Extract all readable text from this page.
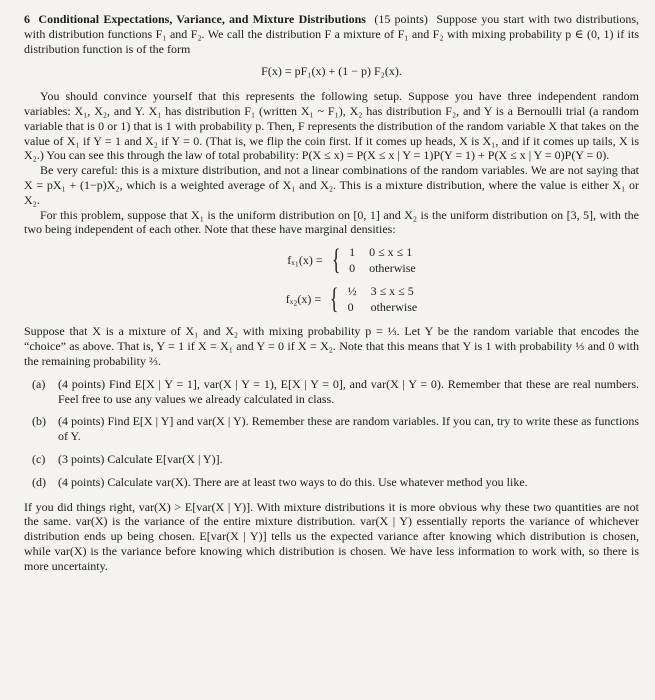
6 Conditional Expectations, Variance, and Mixture Distributions (15 points) Suppose you start with two distributions, with distribution functions F₁ and F₂. We call the distribution F a mixture of F₁ and F₂ with mixing probability p ∈ (0, 1) if its distribution function is of the form

F(x) = pF₁(x) + (1 − p) F₂(x).

You should convince yourself that this represents the following setup. Suppose you have three independent random variables: X₁, X₂, and Y. X₁ has distribution F₁ (written X₁ ~ F₁), X₂ has distribution F₂, and Y is a Bernoulli trial (a random variable that is 0 or 1) that is 1 with probability p. Then, F represents the distribution of the random variable X that takes on the value of X₁ if Y = 1 and X₂ if Y = 0. (That is, we flip the coin first. If it comes up heads, X is X₁, and if it comes up tails, X is X₂.) You can see this through the law of total probability: P(X ≤ x) = P(X ≤ x | Y = 1)P(Y = 1) + P(X ≤ x | Y = 0)P(Y = 0).

Be very careful: this is a mixture distribution, and not a linear combinations of the random variables. We are not saying that X = pX₁ + (1−p)X₂, which is a weighted average of X₁ and X₂. This is a mixture distribution, where the value is either X₁ or X₂.

For this problem, suppose that X₁ is the uniform distribution on [0, 1] and X₂ is the uniform distribution on [3, 5], with the two being independent of each other. Note that these have marginal densities:

fₓ₁(x) = { 1 0 ≤ x ≤ 1
0 otherwise
fₓ₂(x) = { ½ 3 ≤ x ≤ 5
0 otherwise

Suppose that X is a mixture of X₁ and X₂ with mixing probability p = ⅓. Let Y be the random variable that encodes the “choice” as above. That is, Y = 1 if X = X₁ and Y = 0 if X = X₂. Note that this means that Y is 1 with probability ⅓ and 0 with the remaining probability ⅔.

(a)	(4 points) Find E[X | Y = 1], var(X | Y = 1), E[X | Y = 0], and var(X | Y = 0). Remember that these are real numbers. Feel free to use any values we already calculated in class.
(b)	(4 points) Find E[X | Y] and var(X | Y). Remember these are random variables. If you can, try to write these as functions of Y.
(c)	(3 points) Calculate E[var(X | Y)].
(d)	(4 points) Calculate var(X). There are at least two ways to do this. Use whatever method you like.

If you did things right, var(X) > E[var(X | Y)]. With mixture distributions it is more obvious why these two quantities are not the same. var(X) is the variance of the entire mixture distribution. var(X | Y) essentially reports the variance of whichever distribution ends up being chosen. E[var(X | Y)] tells us the expected variance after knowing which distribution is chosen, while var(X) is the variance before knowing which distribution is chosen. We have less information to work with, so there is more uncertainty.
